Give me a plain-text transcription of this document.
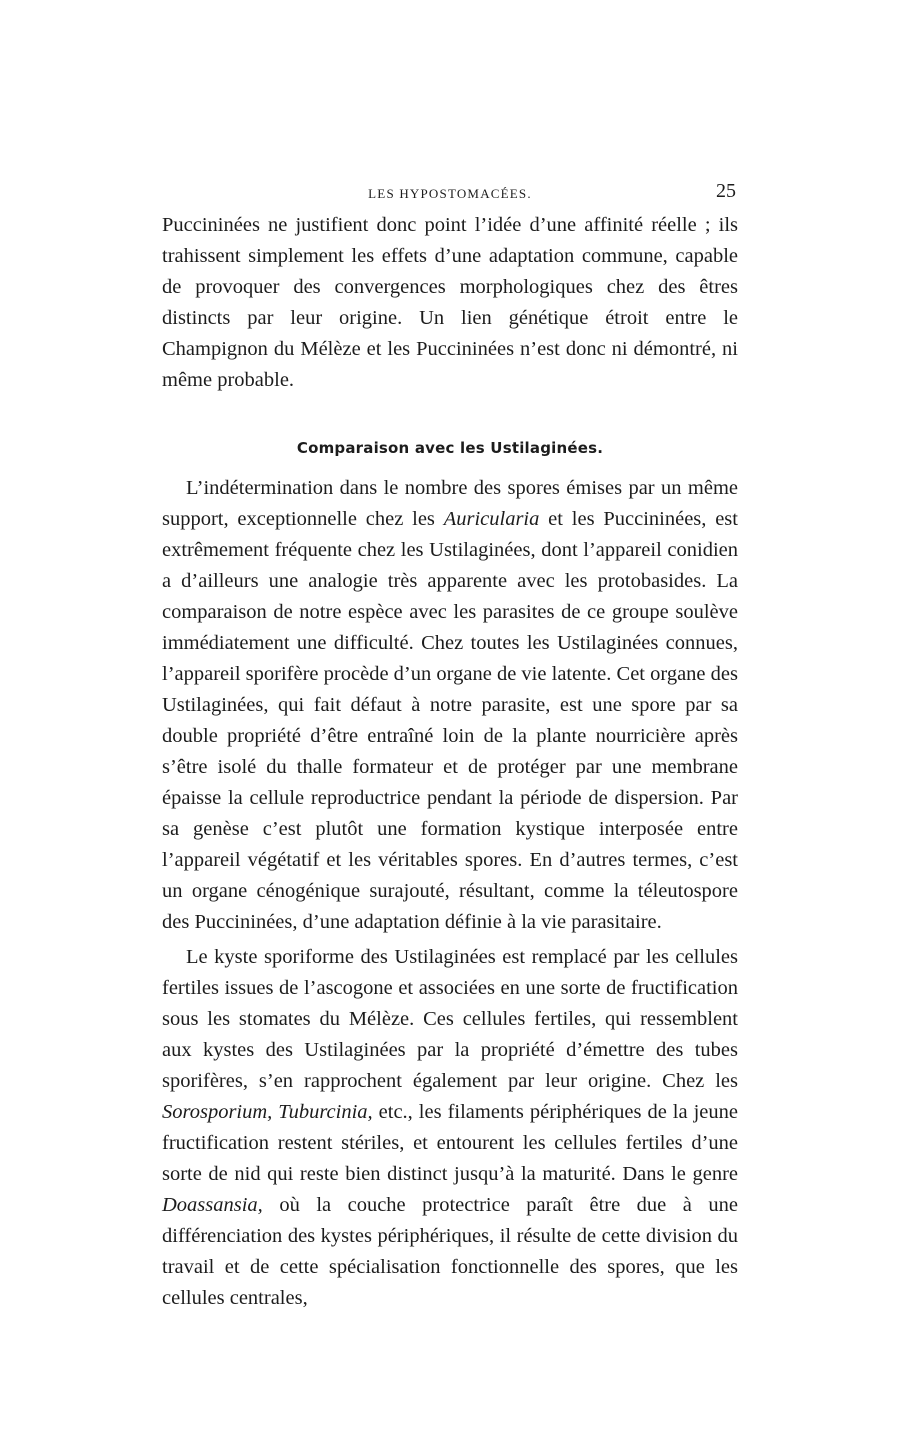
LES HYPOSTOMACÉES.	25

Puccininées ne justifient donc point l’idée d’une affinité réelle ; ils trahissent simplement les effets d’une adaptation commune, capable de provoquer des convergences morphologiques chez des êtres distincts par leur origine. Un lien génétique étroit entre le Champignon du Mélèze et les Puccininées n’est donc ni démontré, ni même probable.

Comparaison avec les Ustilaginées.

L’indétermination dans le nombre des spores émises par un même support, exceptionnelle chez les Auricularia et les Puccininées, est extrêmement fréquente chez les Ustilaginées, dont l’appareil conidien a d’ailleurs une analogie très apparente avec les protobasides. La comparaison de notre espèce avec les parasites de ce groupe soulève immédiatement une difficulté. Chez toutes les Ustilaginées connues, l’appareil sporifère procède d’un organe de vie latente. Cet organe des Ustilaginées, qui fait défaut à notre parasite, est une spore par sa double propriété d’être entraîné loin de la plante nourricière après s’être isolé du thalle formateur et de protéger par une membrane épaisse la cellule reproductrice pendant la période de dispersion. Par sa genèse c’est plutôt une formation kystique interposée entre l’appareil végétatif et les véritables spores. En d’autres termes, c’est un organe cénogénique surajouté, résultant, comme la téleutospore des Puccininées, d’une adaptation définie à la vie parasitaire.

Le kyste sporiforme des Ustilaginées est remplacé par les cellules fertiles issues de l’ascogone et associées en une sorte de fructification sous les stomates du Mélèze. Ces cellules fertiles, qui ressemblent aux kystes des Ustilaginées par la propriété d’émettre des tubes sporifères, s’en rapprochent également par leur origine. Chez les Sorosporium, Tuburcinia, etc., les filaments périphériques de la jeune fructification restent stériles, et entourent les cellules fertiles d’une sorte de nid qui reste bien distinct jusqu’à la maturité. Dans le genre Doassansia, où la couche protectrice paraît être due à une différenciation des kystes périphériques, il résulte de cette division du travail et de cette spécialisation fonctionnelle des spores, que les cellules centrales,
